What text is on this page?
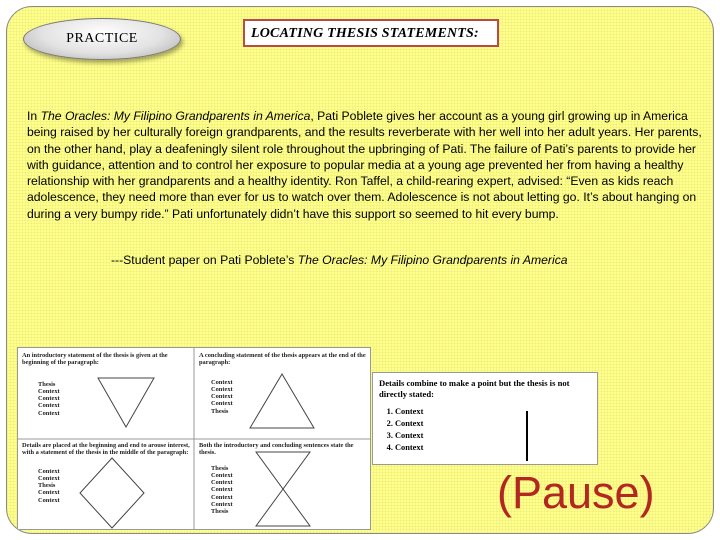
PRACTICE	LOCATING THESIS STATEMENTS:

In The Oracles: My Filipino Grandparents in America, Pati Poblete gives her account as a young girl growing up in America being raised by her culturally foreign grandparents, and the results reverberate with her well into her adult years. Her parents, on the other hand, play a deafeningly silent role throughout the upbringing of Pati. The failure of Pati’s parents to provide her with guidance, attention and to control her exposure to popular media at a young age prevented her from having a healthy relationship with her grandparents and a healthy identity. Ron Taffel, a child-rearing expert, advised: “Even as kids reach adolescence, they need more than ever for us to watch over them. Adolescence is not about letting go. It’s about hanging on during a very bumpy ride.” Pati unfortunately didn’t have this support so seemed to hit every bump.

---Student paper on Pati Poblete’s The Oracles: My Filipino Grandparents in America
An introductory statement of the thesis is given at the beginning of the paragraph:
Thesis
Context
Context
Context
Context
A concluding statement of the thesis appears at the end of the paragraph:
Context
Context
Context
Context
Thesis
Details are placed at the beginning and end to arouse interest, with a statement of the thesis in the middle of the paragraph:
Context
Context
Thesis
Context
Context
Both the introductory and concluding sentences state the thesis.
Thesis
Context
Context
Context
Context
Context
Thesis
Details combine to make a point but the thesis is not directly stated:
1. Context
2. Context
3. Context
4. Context
(Pause)
